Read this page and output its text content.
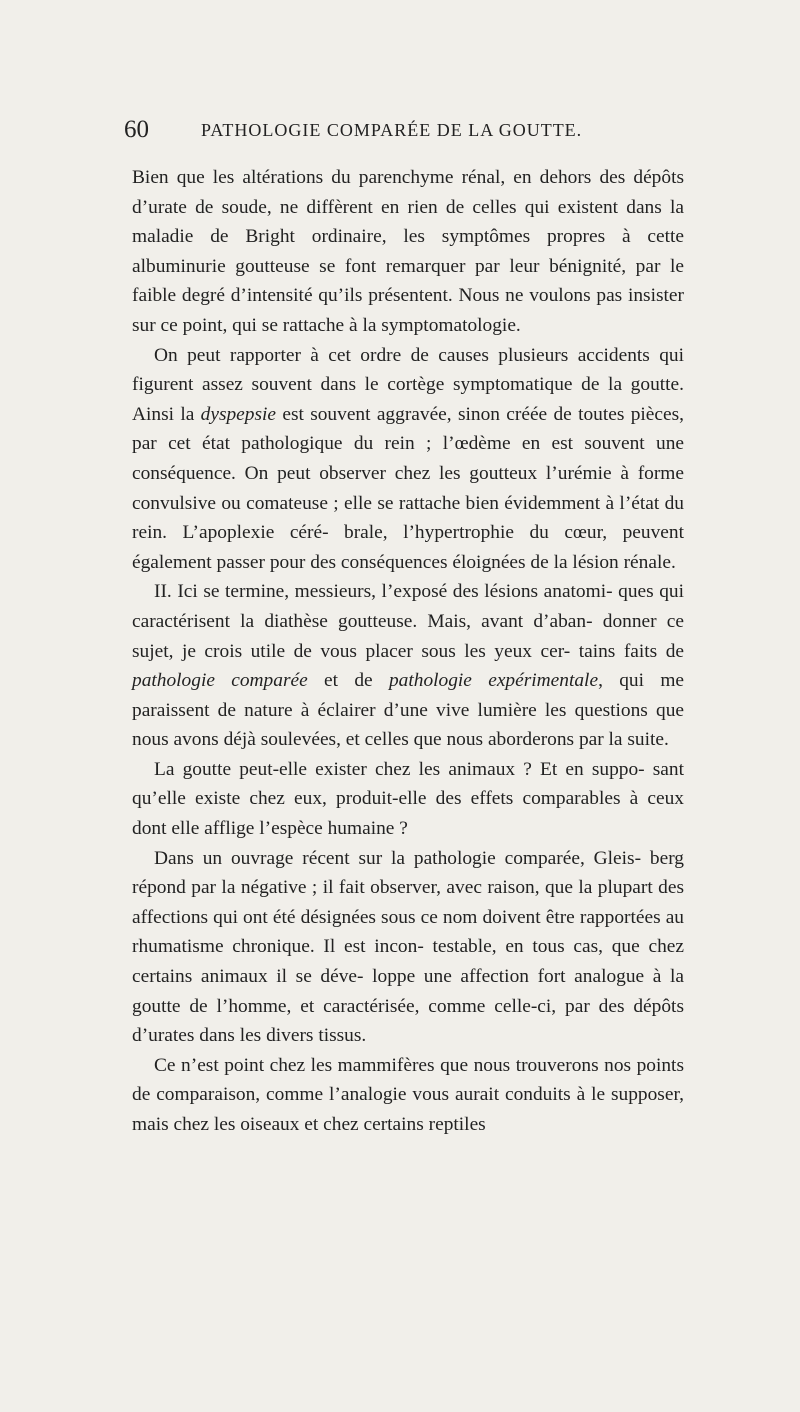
60	PATHOLOGIE COMPARÉE DE LA GOUTTE.

Bien que les altérations du parenchyme rénal, en dehors des dépôts d’urate de soude, ne diffèrent en rien de celles qui existent dans la maladie de Bright ordinaire, les symptômes propres à cette albuminurie goutteuse se font remarquer par leur bénignité, par le faible degré d’intensité qu’ils présentent. Nous ne voulons pas insister sur ce point, qui se rattache à la symptomatologie.

On peut rapporter à cet ordre de causes plusieurs accidents qui figurent assez souvent dans le cortège symptomatique de la goutte. Ainsi la dyspepsie est souvent aggravée, sinon créée de toutes pièces, par cet état pathologique du rein ; l’œdème en est souvent une conséquence. On peut observer chez les goutteux l’urémie à forme convulsive ou comateuse ; elle se rattache bien évidemment à l’état du rein. L’apoplexie céré- brale, l’hypertrophie du cœur, peuvent également passer pour des conséquences éloignées de la lésion rénale.

II. Ici se termine, messieurs, l’exposé des lésions anatomi- ques qui caractérisent la diathèse goutteuse. Mais, avant d’aban- donner ce sujet, je crois utile de vous placer sous les yeux cer- tains faits de pathologie comparée et de pathologie expérimentale, qui me paraissent de nature à éclairer d’une vive lumière les questions que nous avons déjà soulevées, et celles que nous aborderons par la suite.

La goutte peut-elle exister chez les animaux ? Et en suppo- sant qu’elle existe chez eux, produit-elle des effets comparables à ceux dont elle afflige l’espèce humaine ?

Dans un ouvrage récent sur la pathologie comparée, Gleis- berg répond par la négative ; il fait observer, avec raison, que la plupart des affections qui ont été désignées sous ce nom doivent être rapportées au rhumatisme chronique. Il est incon- testable, en tous cas, que chez certains animaux il se déve- loppe une affection fort analogue à la goutte de l’homme, et caractérisée, comme celle-ci, par des dépôts d’urates dans les divers tissus.

Ce n’est point chez les mammifères que nous trouverons nos points de comparaison, comme l’analogie vous aurait conduits à le supposer, mais chez les oiseaux et chez certains reptiles
